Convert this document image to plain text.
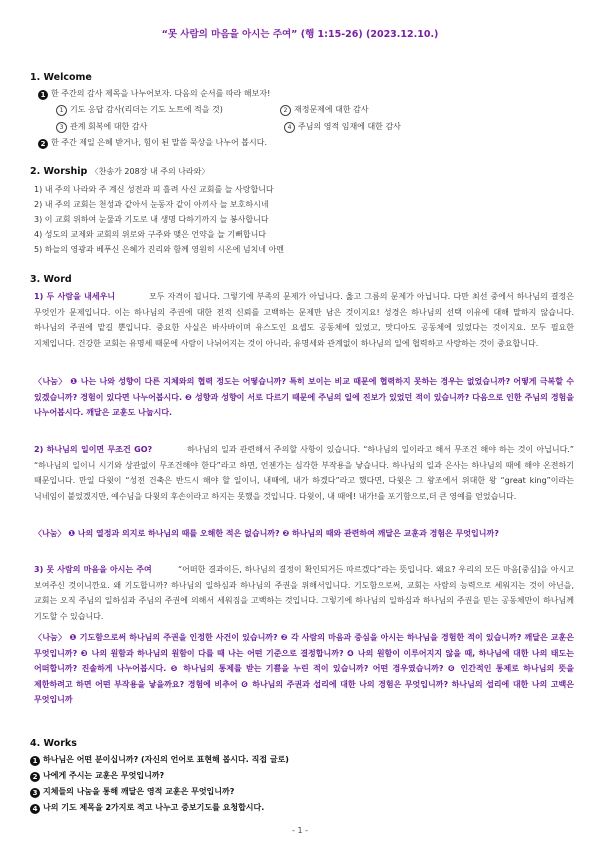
“못 사람의 마음을 아시는 주여” (행 1:15-26) (2023.12.10.)
1. Welcome
1 한 주간의 감사 제목을 나누어보자. 다음의 순서를 따라 해보자!
1 기도 응답 감사(리더는 기도 노트에 적을 것)	2 재정문제에 대한 감사
3 관계 회복에 대한 감사	4 주님의 영적 임재에 대한 감사
2 한 주간 제일 은혜 받거나, 힘이 된 말씀 묵상을 나누어 봅시다.
2. Worship 〈찬송가 208장 내 주의 나라와〉
1) 내 주의 나라와 주 계신 성전과 피 흘려 사신 교회를 늘 사랑합니다
2) 내 주의 교회는 천성과 같아서 눈동자 같이 아끼사 늘 보호하시네
3) 이 교회 위하여 눈물과 기도로 내 생명 다하기까지 늘 봉사합니다
4) 성도의 교제와 교회의 위로와 구주와 맺은 언약을 늘 기뻐합니다
5) 하늘의 영광과 베푸신 은혜가 진리와 함께 영원히 시온에 넘치네 아멘
3. Word
1) 두 사람을 내세우니	모두 자격이 됩니다. 그렇기에 부족의 문제가 아닙니다. 옳고 그름의 문제가 아닙니다. 다만 최선 중에서 하나님의 결정은 무엇인가 문제입니다. 이는 하나님의 주권에 대한 전적 신뢰를 고백하는 문제만 남은 것이지요! 성경은 하나님의 선택 이유에 대해 말하지 않습니다. 하나님의 주권에 맡길 뿐입니다. 중요한 사실은 바사바이며 유스도인 요셉도 공동체에 있었고, 맛디아도 공동체에 있었다는 것이지요. 모두 필요한 지체입니다. 건강한 교회는 유명세 때문에 사람이 나뉘어지는 것이 아니라, 유명세와 관계없이 하나님의 일에 협력하고 사랑하는 것이 중요합니다.
〈나눔〉 ❶ 나는 나와 성향이 다른 지체와의 협력 정도는 어떻습니까? 특히 보이는 비교 때문에 협력하지 못하는 경우는 없었습니까? 어떻게 극복할 수 있겠습니까? 경험이 있다면 나누어봅시다. ❷ 성향과 성향이 서로 다르기 때문에 주님의 일에 진보가 있었던 적이 있습니까? 다음으로 인한 주님의 경험을 나누어봅시다. 깨달은 교훈도 나눕시다.
2) 하나님의 일이면 무조건 GO?	하나님의 일과 관련해서 주의할 사항이 있습니다. “하나님의 일이라고 해서 무조건 해야 하는 것이 아닙니다.” “하나님의 일이니 시기와 상관없이 무조건해야 한다”라고 하면, 언젠가는 심각한 부작용을 낳습니다. 하나님의 일과 은사는 하나님의 때에 해야 온전하기 때문입니다. 만일 다윗이 “성전 건축은 반드시 해야 할 일이니, 내때에, 내가 하겠다”라고 했다면, 다윗은 그 왕조에서 위대한 왕 “great king”이라는 닉네임이 붙었겠지만, 예수님을 다윗의 후손이라고 하지는 못했을 것입니다. 다윗이, 내 때에! 내가!를 포기함으로,더 큰 영예를 얻었습니다.
〈나눔〉 ❶ 나의 열정과 의지로 하나님의 때를 오해한 적은 없습니까? ❷ 하나님의 때와 관련하여 깨달은 교훈과 경험은 무엇입니까?
3) 못 사람의 마음을 아시는 주여	“어떠한 결과이든, 하나님의 결정이 확인되거든 따르겠다”라는 뜻입니다. 왜요? 우리의 모든 마음[중심]을 아시고 보여주신 것이니깐요. 왜 기도합니까? 하나님의 일하심과 하나님의 주권을 위해서입니다. 기도함으로써, 교회는 사람의 능력으로 세워지는 것이 아닌을, 교회는 오직 주님의 일하심과 주님의 주권에 의해서 세워짐을 고백하는 것입니다. 그렇기에 하나님의 일하심과 하나님의 주권을 믿는 공동체만이 하나님께 기도할 수 있습니다.
〈나눔〉 ❶ 기도함으로써 하나님의 주권을 인정한 사건이 있습니까? ❷ 각 사람의 마음과 중심을 아시는 하나님을 경험한 적이 있습니까? 깨달은 교훈은 무엇입니까? ❸ 나의 원함과 하나님의 원함이 다를 때 나는 어떤 기준으로 결정합니까? ❹ 나의 원함이 이루어지지 않을 때, 하나님에 대한 나의 태도는 어떠합니까? 진솔하게 나누어봅시다. ❺ 하나님의 통제를 받는 기쁨을 누린 적이 있습니까? 어떤 경우였습니까? ❻ 인간적인 통제로 하나님의 뜻을 제한하려고 하면 어떤 부작용을 낳을까요? 경험에 비추어 ❻ 하나님의 주권과 섭리에 대한 나의 경험은 무엇입니까? 하나님의 섭리에 대한 나의 고백은 무엇입니까
4. Works
1 하나님은 어떤 분이십니까? (자신의 언어로 표현해 봅시다. 직접 글로)
2 나에게 주시는 교훈은 무엇입니까?
3 지체들의 나눔을 통해 깨달은 영적 교훈은 무엇입니까?
4 나의 기도 제목을 2가지로 적고 나누고 중보기도를 요청합시다.
- 1 -
